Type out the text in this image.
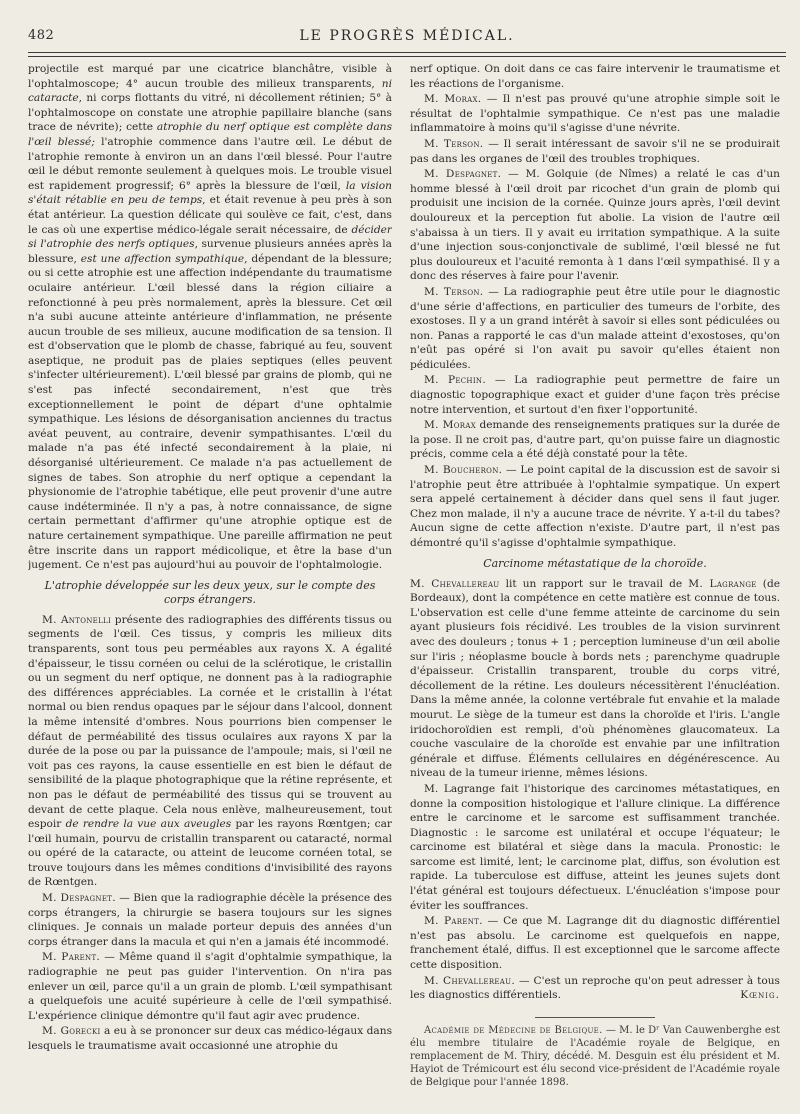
482	LE PROGRÈS MÉDICAL.

projectile est marqué par une cicatrice blanchâtre, visible à l'ophtalmoscope; 4° aucun trouble des milieux transparents, ni cataracte, ni corps flottants du vitré, ni décollement rétinien; 5° à l'ophtalmoscope on constate une atrophie papillaire blanche (sans trace de névrite); cette atrophie du nerf optique est complète dans l'œil blessé; l'atrophie commence dans l'autre œil. Le début de l'atrophie remonte à environ un an dans l'œil blessé. Pour l'autre œil le début remonte seulement à quelques mois. Le trouble visuel est rapidement progressif; 6° après la blessure de l'œil, la vision s'était rétablie en peu de temps, et était revenue à peu près à son état antérieur. La question délicate qui soulève ce fait, c'est, dans le cas où une expertise médico-légale serait nécessaire, de décider si l'atrophie des nerfs optiques, survenue plusieurs années après la blessure, est une affection sympathique, dépendant de la blessure; ou si cette atrophie est une affection indépendante du traumatisme oculaire antérieur. L'œil blessé dans la région ciliaire a refonctionné à peu près normalement, après la blessure. Cet œil n'a subi aucune atteinte antérieure d'inflammation, ne présente aucun trouble de ses milieux, aucune modification de sa tension. Il est d'observation que le plomb de chasse, fabriqué au feu, souvent aseptique, ne produit pas de plaies septiques (elles peuvent s'infecter ultérieurement). L'œil blessé par grains de plomb, qui ne s'est pas infecté secondairement, n'est que très exceptionnellement le point de départ d'une ophtalmie sympathique. Les lésions de désorganisation anciennes du tractus avéat peuvent, au contraire, devenir sympathisantes. L'œil du malade n'a pas été infecté secondairement à la plaie, ni désorganisé ultérieurement. Ce malade n'a pas actuellement de signes de tabes. Son atrophie du nerf optique a cependant la physionomie de l'atrophie tabétique, elle peut provenir d'une autre cause indéterminée. Il n'y a pas, à notre connaissance, de signe certain permettant d'affirmer qu'une atrophie optique est de nature certainement sympathique. Une pareille affirmation ne peut être inscrite dans un rapport médicolique, et être la base d'un jugement. Ce n'est pas aujourd'hui au pouvoir de l'ophtalmologie.

L'atrophie développée sur les deux yeux, sur le compte des corps étrangers.

M. Antonelli présente des radiographies des différents tissus ou segments de l'œil. Ces tissus, y compris les milieux dits transparents, sont tous peu perméables aux rayons X. A égalité d'épaisseur, le tissu cornéen ou celui de la sclérotique, le cristallin ou un segment du nerf optique, ne donnent pas à la radiographie des différences appréciables. La cornée et le cristallin à l'état normal ou bien rendus opaques par le séjour dans l'alcool, donnent la même intensité d'ombres. Nous pourrions bien compenser le défaut de perméabilité des tissus oculaires aux rayons X par la durée de la pose ou par la puissance de l'ampoule; mais, si l'œil ne voit pas ces rayons, la cause essentielle en est bien le défaut de sensibilité de la plaque photographique que la rétine représente, et non pas le défaut de perméabilité des tissus qui se trouvent au devant de cette plaque. Cela nous enlève, malheureusement, tout espoir de rendre la vue aux aveugles par les rayons Rœntgen; car l'œil humain, pourvu de cristallin transparent ou cataracté, normal ou opéré de la cataracte, ou atteint de leucome cornéen total, se trouve toujours dans les mêmes conditions d'invisibilité des rayons de Rœntgen.

M. Despagnet. — Bien que la radiographie décèle la présence des corps étrangers, la chirurgie se basera toujours sur les signes cliniques. Je connais un malade porteur depuis des années d'un corps étranger dans la macula et qui n'en a jamais été incommodé.

M. Parent. — Même quand il s'agit d'ophtalmie sympathique, la radiographie ne peut pas guider l'intervention. On n'ira pas enlever un œil, parce qu'il a un grain de plomb. L'œil sympathisant a quelquefois une acuité supérieure à celle de l'œil sympathisé. L'expérience clinique démontre qu'il faut agir avec prudence.

M. Gorecki a eu à se prononcer sur deux cas médico-légaux dans lesquels le traumatisme avait occasionné une atrophie du

nerf optique. On doit dans ce cas faire intervenir le traumatisme et les réactions de l'organisme.

M. Morax. — Il n'est pas prouvé qu'une atrophie simple soit le résultat de l'ophtalmie sympathique. Ce n'est pas une maladie inflammatoire à moins qu'il s'agisse d'une névrite.

M. Terson. — Il serait intéressant de savoir s'il ne se produirait pas dans les organes de l'œil des troubles trophiques.

M. Despagnet. — M. Golquie (de Nîmes) a relaté le cas d'un homme blessé à l'œil droit par ricochet d'un grain de plomb qui produisit une incision de la cornée. Quinze jours après, l'œil devint douloureux et la perception fut abolie. La vision de l'autre œil s'abaissa à un tiers. Il y avait eu irritation sympathique. A la suite d'une injection sous-conjonctivale de sublimé, l'œil blessé ne fut plus douloureux et l'acuité remonta à 1 dans l'œil sympathisé. Il y a donc des réserves à faire pour l'avenir.

M. Terson. — La radiographie peut être utile pour le diagnostic d'une série d'affections, en particulier des tumeurs de l'orbite, des exostoses. Il y a un grand intérêt à savoir si elles sont pédiculées ou non. Panas a rapporté le cas d'un malade atteint d'exostoses, qu'on n'eût pas opéré si l'on avait pu savoir qu'elles étaient non pédiculées.

M. Pechin. — La radiographie peut permettre de faire un diagnostic topographique exact et guider d'une façon très précise notre intervention, et surtout d'en fixer l'opportunité.

M. Morax demande des renseignements pratiques sur la durée de la pose. Il ne croit pas, d'autre part, qu'on puisse faire un diagnostic précis, comme cela a été déjà constaté pour la tête.

M. Boucheron. — Le point capital de la discussion est de savoir si l'atrophie peut être attribuée à l'ophtalmie sympatique. Un expert sera appelé certainement à décider dans quel sens il faut juger. Chez mon malade, il n'y a aucune trace de névrite. Y a-t-il du tabes? Aucun signe de cette affection n'existe. D'autre part, il n'est pas démontré qu'il s'agisse d'ophtalmie sympathique.

Carcinome métastatique de la choroïde.

M. Chevallereau lit un rapport sur le travail de M. Lagrange (de Bordeaux), dont la compétence en cette matière est connue de tous. L'observation est celle d'une femme atteinte de carcinome du sein ayant plusieurs fois récidivé. Les troubles de la vision survinrent avec des douleurs ; tonus + 1 ; perception lumineuse d'un œil abolie sur l'iris ; néoplasme boucle à bords nets ; parenchyme quadruple d'épaisseur. Cristallin transparent, trouble du corps vitré, décollement de la rétine. Les douleurs nécessitèrent l'énucléation. Dans la même année, la colonne vertébrale fut envahie et la malade mourut. Le siège de la tumeur est dans la choroïde et l'iris. L'angle iridochoroïdien est rempli, d'où phénomènes glaucomateux. La couche vasculaire de la choroïde est envahie par une infiltration générale et diffuse. Éléments cellulaires en dégénérescence. Au niveau de la tumeur irienne, mêmes lésions.

M. Lagrange fait l'historique des carcinomes métastatiques, en donne la composition histologique et l'allure clinique. La différence entre le carcinome et le sarcome est suffisamment tranchée. Diagnostic : le sarcome est unilatéral et occupe l'équateur; le carcinome est bilatéral et siège dans la macula. Pronostic: le sarcome est limité, lent; le carcinome plat, diffus, son évolution est rapide. La tuberculose est diffuse, atteint les jeunes sujets dont l'état général est toujours défectueux. L'énucléation s'impose pour éviter les souffrances.

M. Parent. — Ce que M. Lagrange dit du diagnostic différentiel n'est pas absolu. Le carcinome est quelquefois en nappe, franchement étalé, diffus. Il est exceptionnel que le sarcome affecte cette disposition.

M. Chevallereau. — C'est un reproche qu'on peut adresser à tous les diagnostics différentiels.	Kœnig.

Académie de Médecine de Belgique. — M. le Dʳ Van Cauwenberghe est élu membre titulaire de l'Académie royale de Belgique, en remplacement de M. Thiry, décédé. M. Desguin est élu président et M. Hayiot de Trémicourt est élu second vice-président de l'Académie royale de Belgique pour l'année 1898.
